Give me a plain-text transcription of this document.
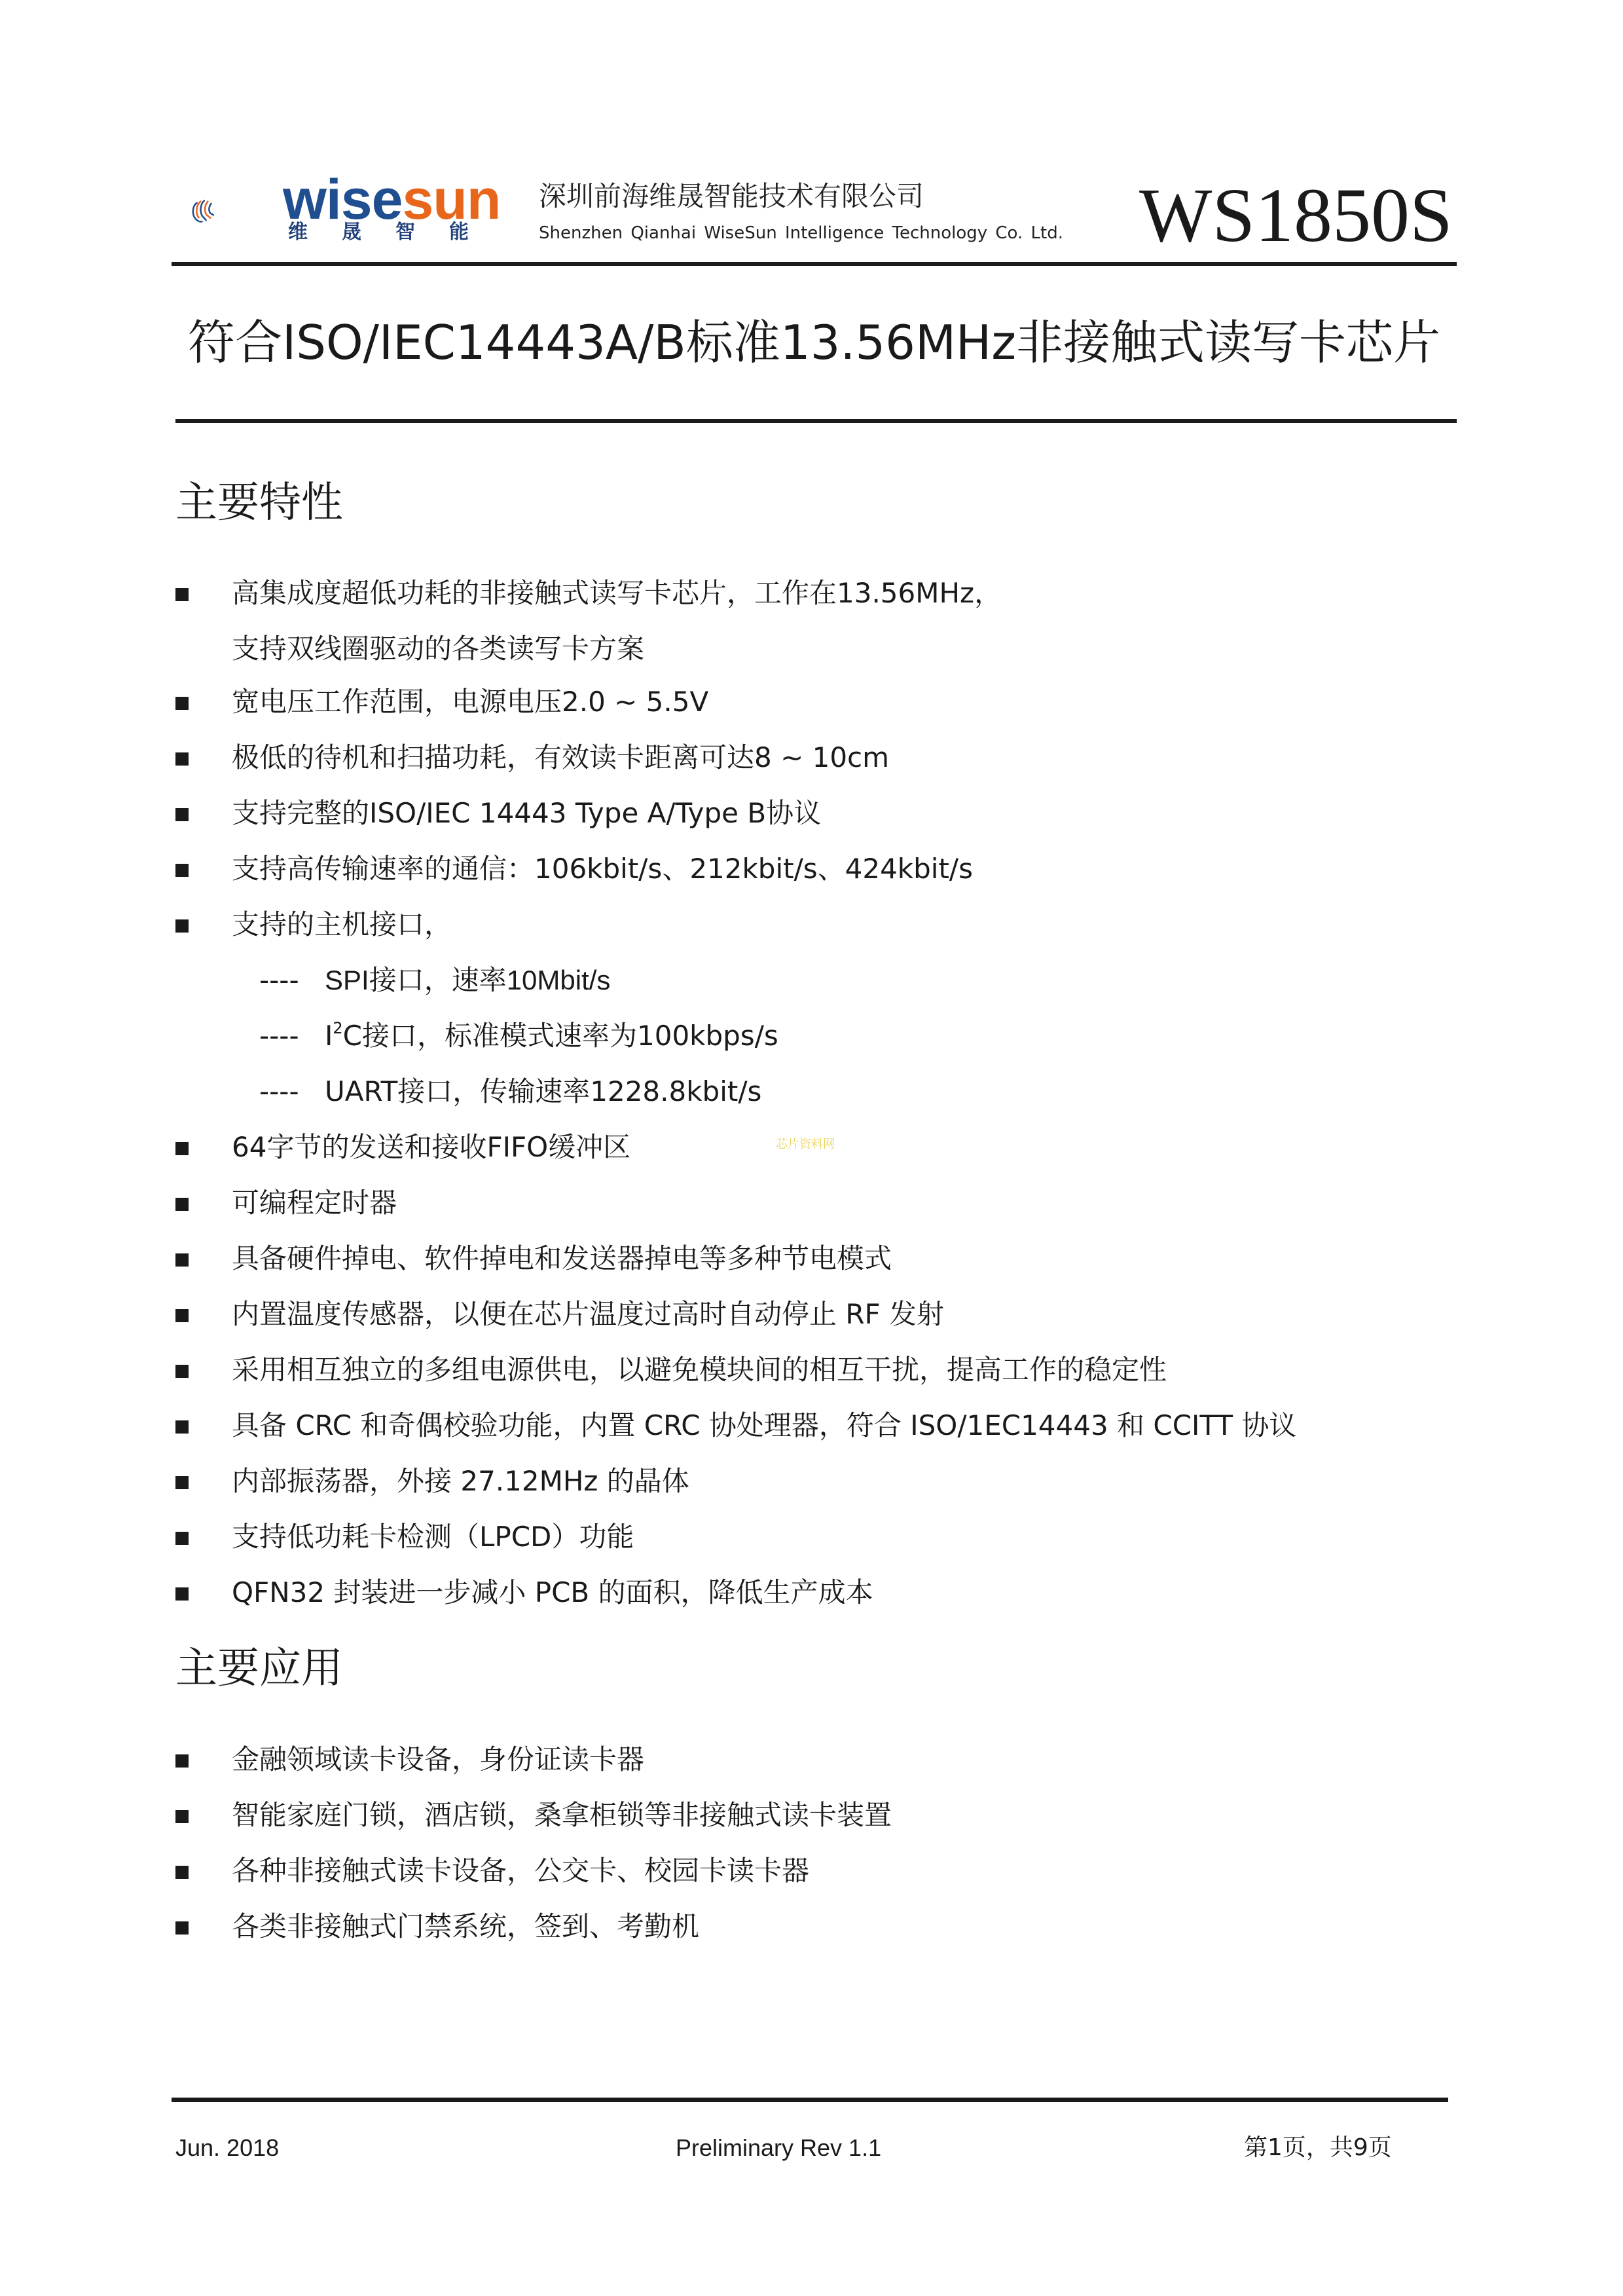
wisesun
维晟智能
深圳前海维晟智能技术有限公司
Shenzhen Qianhai WiseSun Intelligence Technology Co. Ltd. WS1850S
符合ISO/IEC14443A/B标准13.56MHz非接触式读写卡芯片
主要特性
高集成度超低功耗的非接触式读写卡芯片，工作在13.56MHz，
支持双线圈驱动的各类读写卡方案
宽电压工作范围，电源电压2.0 ~ 5.5V
极低的待机和扫描功耗，有效读卡距离可达8 ~ 10cm
支持完整的ISO/IEC 14443 Type A/Type B协议
支持高传输速率的通信：106kbit/s、212kbit/s、424kbit/s
支持的主机接口，
---- SPI接口，速率10Mbit/s
---- $I^2C$接口，标准模式速率为100kbps/s
---- UART接口，传输速率1228.8kbit/s
64字节的发送和接收FIFO缓冲区	芯片资料网
可编程定时器
具备硬件掉电、软件掉电和发送器掉电等多种节电模式
内置温度传感器，以便在芯片温度过高时自动停止 RF 发射
采用相互独立的多组电源供电，以避免模块间的相互干扰，提高工作的稳定性
具备 CRC 和奇偶校验功能，内置 CRC 协处理器，符合 ISO/1EC14443 和 CCITT 协议
内部振荡器，外接 27.12MHz 的晶体
支持低功耗卡检测（LPCD）功能
QFN32 封装进一步减小 PCB 的面积，降低生产成本
主要应用
金融领域读卡设备，身份证读卡器
智能家庭门锁，酒店锁，桑拿柜锁等非接触式读卡装置
各种非接触式读卡设备，公交卡、校园卡读卡器
各类非接触式门禁系统，签到、考勤机
Jun. 2018	Preliminary Rev 1.1	第1页，共9页
